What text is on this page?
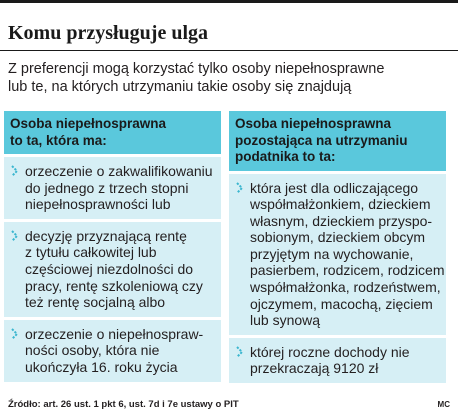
Komu przysługuje ulga
Z preferencji mogą korzystać tylko osoby niepełnosprawne
lub te, na których utrzymaniu takie osoby się znajdują
Osoba niepełnosprawna
to ta, która ma:
orzeczenie o zakwalifikowaniu
do jednego z trzech stopni
niepełnosprawności lub
decyzję przyznającą rentę
z tytułu całkowitej lub
częściowej niezdolności do
pracy, rentę szkoleniową czy
też rentę socjalną albo
orzeczenie o niepełnospraw-
ności osoby, która nie
ukończyła 16. roku życia
Osoba niepełnosprawna
pozostająca na utrzymaniu
podatnika to ta:
która jest dla odliczającego
współmałżonkiem, dzieckiem
własnym, dzieckiem przyspo-
sobionym, dzieckiem obcym
przyjętym na wychowanie,
pasierbem, rodzicem, rodzicem
współmałżonka, rodzeństwem,
ojczymem, macochą, zięciem
lub synową
której roczne dochody nie
przekraczają 9120 zł
Źródło: art. 26 ust. 1 pkt 6, ust. 7d i 7e ustawy o PIT	MC
